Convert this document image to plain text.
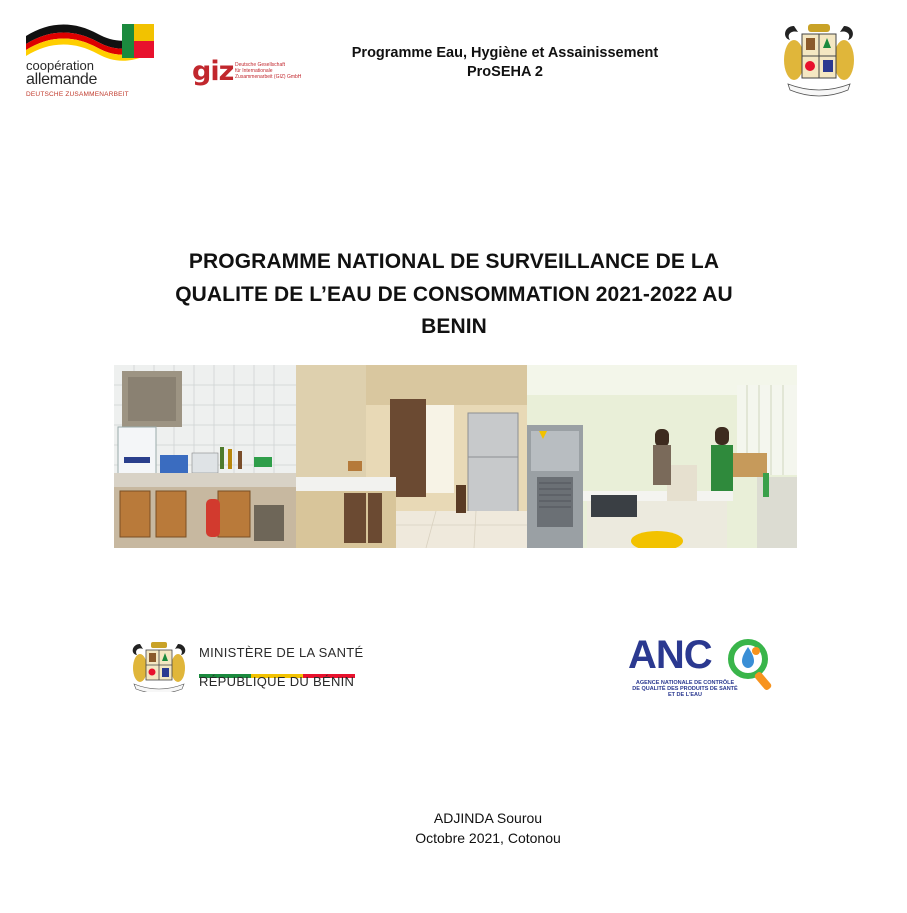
coopération
allemande
DEUTSCHE ZUSAMMENARBEIT
giz Deutsche Gesellschaft
für Internationale
Zusammenarbeit (GIZ) GmbH
Programme Eau, Hygiène et Assainissement
ProSEHA 2
PROGRAMME NATIONAL DE SURVEILLANCE DE LA
QUALITE DE L’EAU DE CONSOMMATION 2021-2022 AU
BENIN
MINISTÈRE DE LA SANTÉ
RÉPUBLIQUE DU BÉNIN
ANC
AGENCE NATIONALE DE CONTRÔLE
DE QUALITÉ DES PRODUITS DE SANTÉ
ET DE L'EAU
ADJINDA Sourou
Octobre 2021, Cotonou
